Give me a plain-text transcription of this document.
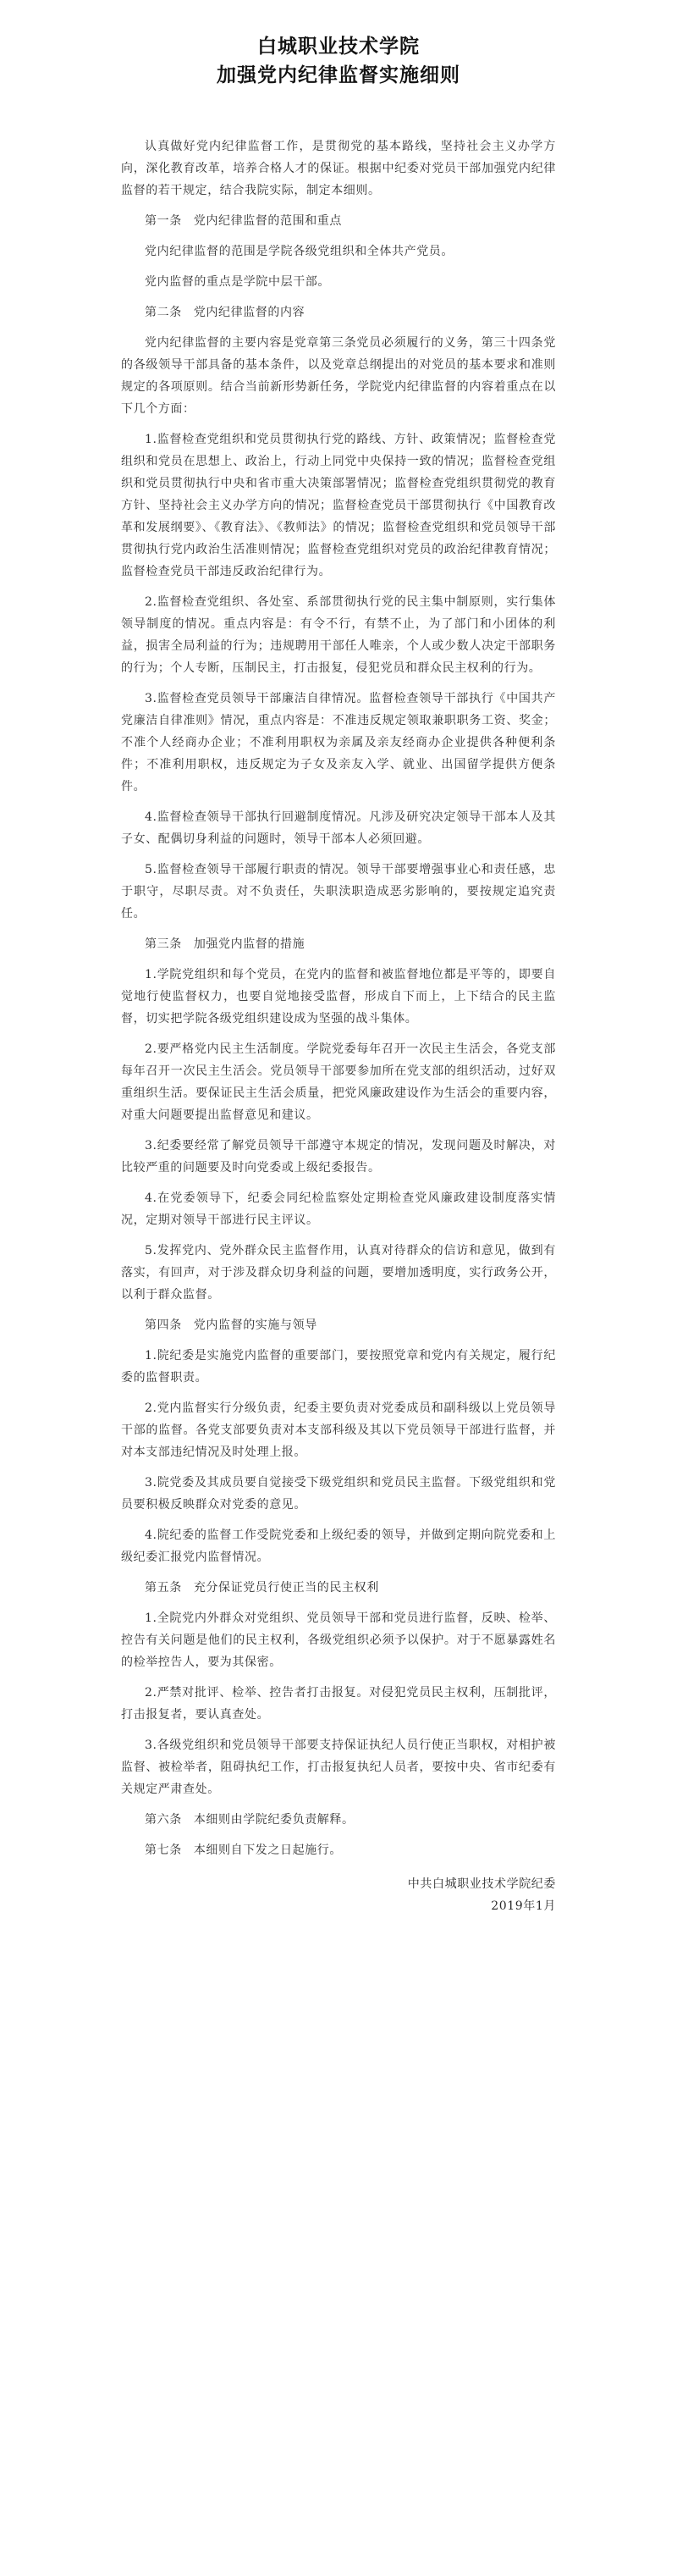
白城职业技术学院
加强党内纪律监督实施细则

认真做好党内纪律监督工作，是贯彻党的基本路线，坚持社会主义办学方向，深化教育改革，培养合格人才的保证。根据中纪委对党员干部加强党内纪律监督的若干规定，结合我院实际，制定本细则。

第一条 党内纪律监督的范围和重点

党内纪律监督的范围是学院各级党组织和全体共产党员。

党内监督的重点是学院中层干部。

第二条 党内纪律监督的内容

党内纪律监督的主要内容是党章第三条党员必须履行的义务，第三十四条党的各级领导干部具备的基本条件，以及党章总纲提出的对党员的基本要求和准则规定的各项原则。结合当前新形势新任务，学院党内纪律监督的内容着重点在以下几个方面：

1.监督检查党组织和党员贯彻执行党的路线、方针、政策情况；监督检查党组织和党员在思想上、政治上，行动上同党中央保持一致的情况；监督检查党组织和党员贯彻执行中央和省市重大决策部署情况；监督检查党组织贯彻党的教育方针、坚持社会主义办学方向的情况；监督检查党员干部贯彻执行《中国教育改革和发展纲要》、《教育法》、《教师法》的情况；监督检查党组织和党员领导干部贯彻执行党内政治生活准则情况；监督检查党组织对党员的政治纪律教育情况；监督检查党员干部违反政治纪律行为。

2.监督检查党组织、各处室、系部贯彻执行党的民主集中制原则，实行集体领导制度的情况。重点内容是：有令不行，有禁不止，为了部门和小团体的利益，损害全局利益的行为；违规聘用干部任人唯亲，个人或少数人决定干部职务的行为；个人专断，压制民主，打击报复，侵犯党员和群众民主权利的行为。

3.监督检查党员领导干部廉洁自律情况。监督检查领导干部执行《中国共产党廉洁自律准则》情况，重点内容是：不准违反规定领取兼职职务工资、奖金；不准个人经商办企业；不准利用职权为亲属及亲友经商办企业提供各种便利条件；不准利用职权，违反规定为子女及亲友入学、就业、出国留学提供方便条件。

4.监督检查领导干部执行回避制度情况。凡涉及研究决定领导干部本人及其子女、配偶切身利益的问题时，领导干部本人必须回避。

5.监督检查领导干部履行职责的情况。领导干部要增强事业心和责任感，忠于职守，尽职尽责。对不负责任，失职渎职造成恶劣影响的，要按规定追究责任。

第三条 加强党内监督的措施

1.学院党组织和每个党员，在党内的监督和被监督地位都是平等的，即要自觉地行使监督权力，也要自觉地接受监督，形成自下而上，上下结合的民主监督，切实把学院各级党组织建设成为坚强的战斗集体。

2.要严格党内民主生活制度。学院党委每年召开一次民主生活会，各党支部每年召开一次民主生活会。党员领导干部要参加所在党支部的组织活动，过好双重组织生活。要保证民主生活会质量，把党风廉政建设作为生活会的重要内容，对重大问题要提出监督意见和建议。

3.纪委要经常了解党员领导干部遵守本规定的情况，发现问题及时解决，对比较严重的问题要及时向党委或上级纪委报告。

4.在党委领导下，纪委会同纪检监察处定期检查党风廉政建设制度落实情况，定期对领导干部进行民主评议。

5.发挥党内、党外群众民主监督作用，认真对待群众的信访和意见，做到有落实，有回声，对于涉及群众切身利益的问题，要增加透明度，实行政务公开，以利于群众监督。

第四条 党内监督的实施与领导

1.院纪委是实施党内监督的重要部门，要按照党章和党内有关规定，履行纪委的监督职责。

2.党内监督实行分级负责，纪委主要负责对党委成员和副科级以上党员领导干部的监督。各党支部要负责对本支部科级及其以下党员领导干部进行监督，并对本支部违纪情况及时处理上报。

3.院党委及其成员要自觉接受下级党组织和党员民主监督。下级党组织和党员要积极反映群众对党委的意见。

4.院纪委的监督工作受院党委和上级纪委的领导，并做到定期向院党委和上级纪委汇报党内监督情况。

第五条 充分保证党员行使正当的民主权利

1.全院党内外群众对党组织、党员领导干部和党员进行监督，反映、检举、控告有关问题是他们的民主权利，各级党组织必须予以保护。对于不愿暴露姓名的检举控告人，要为其保密。

2.严禁对批评、检举、控告者打击报复。对侵犯党员民主权利，压制批评，打击报复者，要认真查处。

3.各级党组织和党员领导干部要支持保证执纪人员行使正当职权，对相护被监督、被检举者，阻碍执纪工作，打击报复执纪人员者，要按中央、省市纪委有关规定严肃查处。

第六条 本细则由学院纪委负责解释。

第七条 本细则自下发之日起施行。

中共白城职业技术学院纪委

2019年1月
